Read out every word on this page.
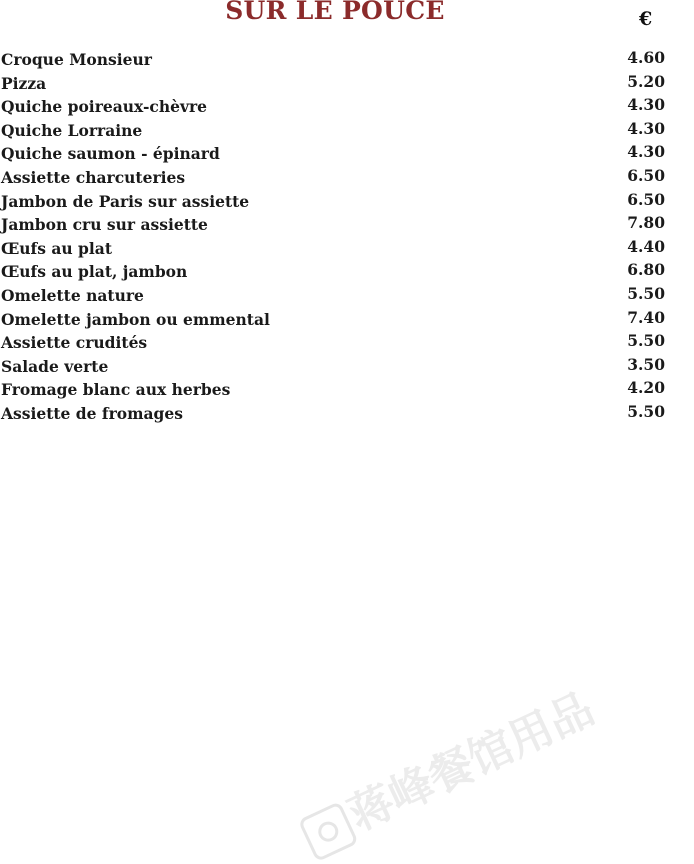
SUR LE POUCE	€
Croque Monsieur	4.60
Pizza	5.20
Quiche poireaux-chèvre	4.30
Quiche Lorraine	4.30
Quiche saumon - épinard	4.30
Assiette charcuteries	6.50
Jambon de Paris sur assiette	6.50
Jambon cru sur assiette	7.80
Œufs au plat	4.40
Œufs au plat, jambon	6.80
Omelette nature	5.50
Omelette jambon ou emmental	7.40
Assiette crudités	5.50
Salade verte	3.50
Fromage blanc aux herbes	4.20
Assiette de fromages	5.50
蒋峰餐馆用品
